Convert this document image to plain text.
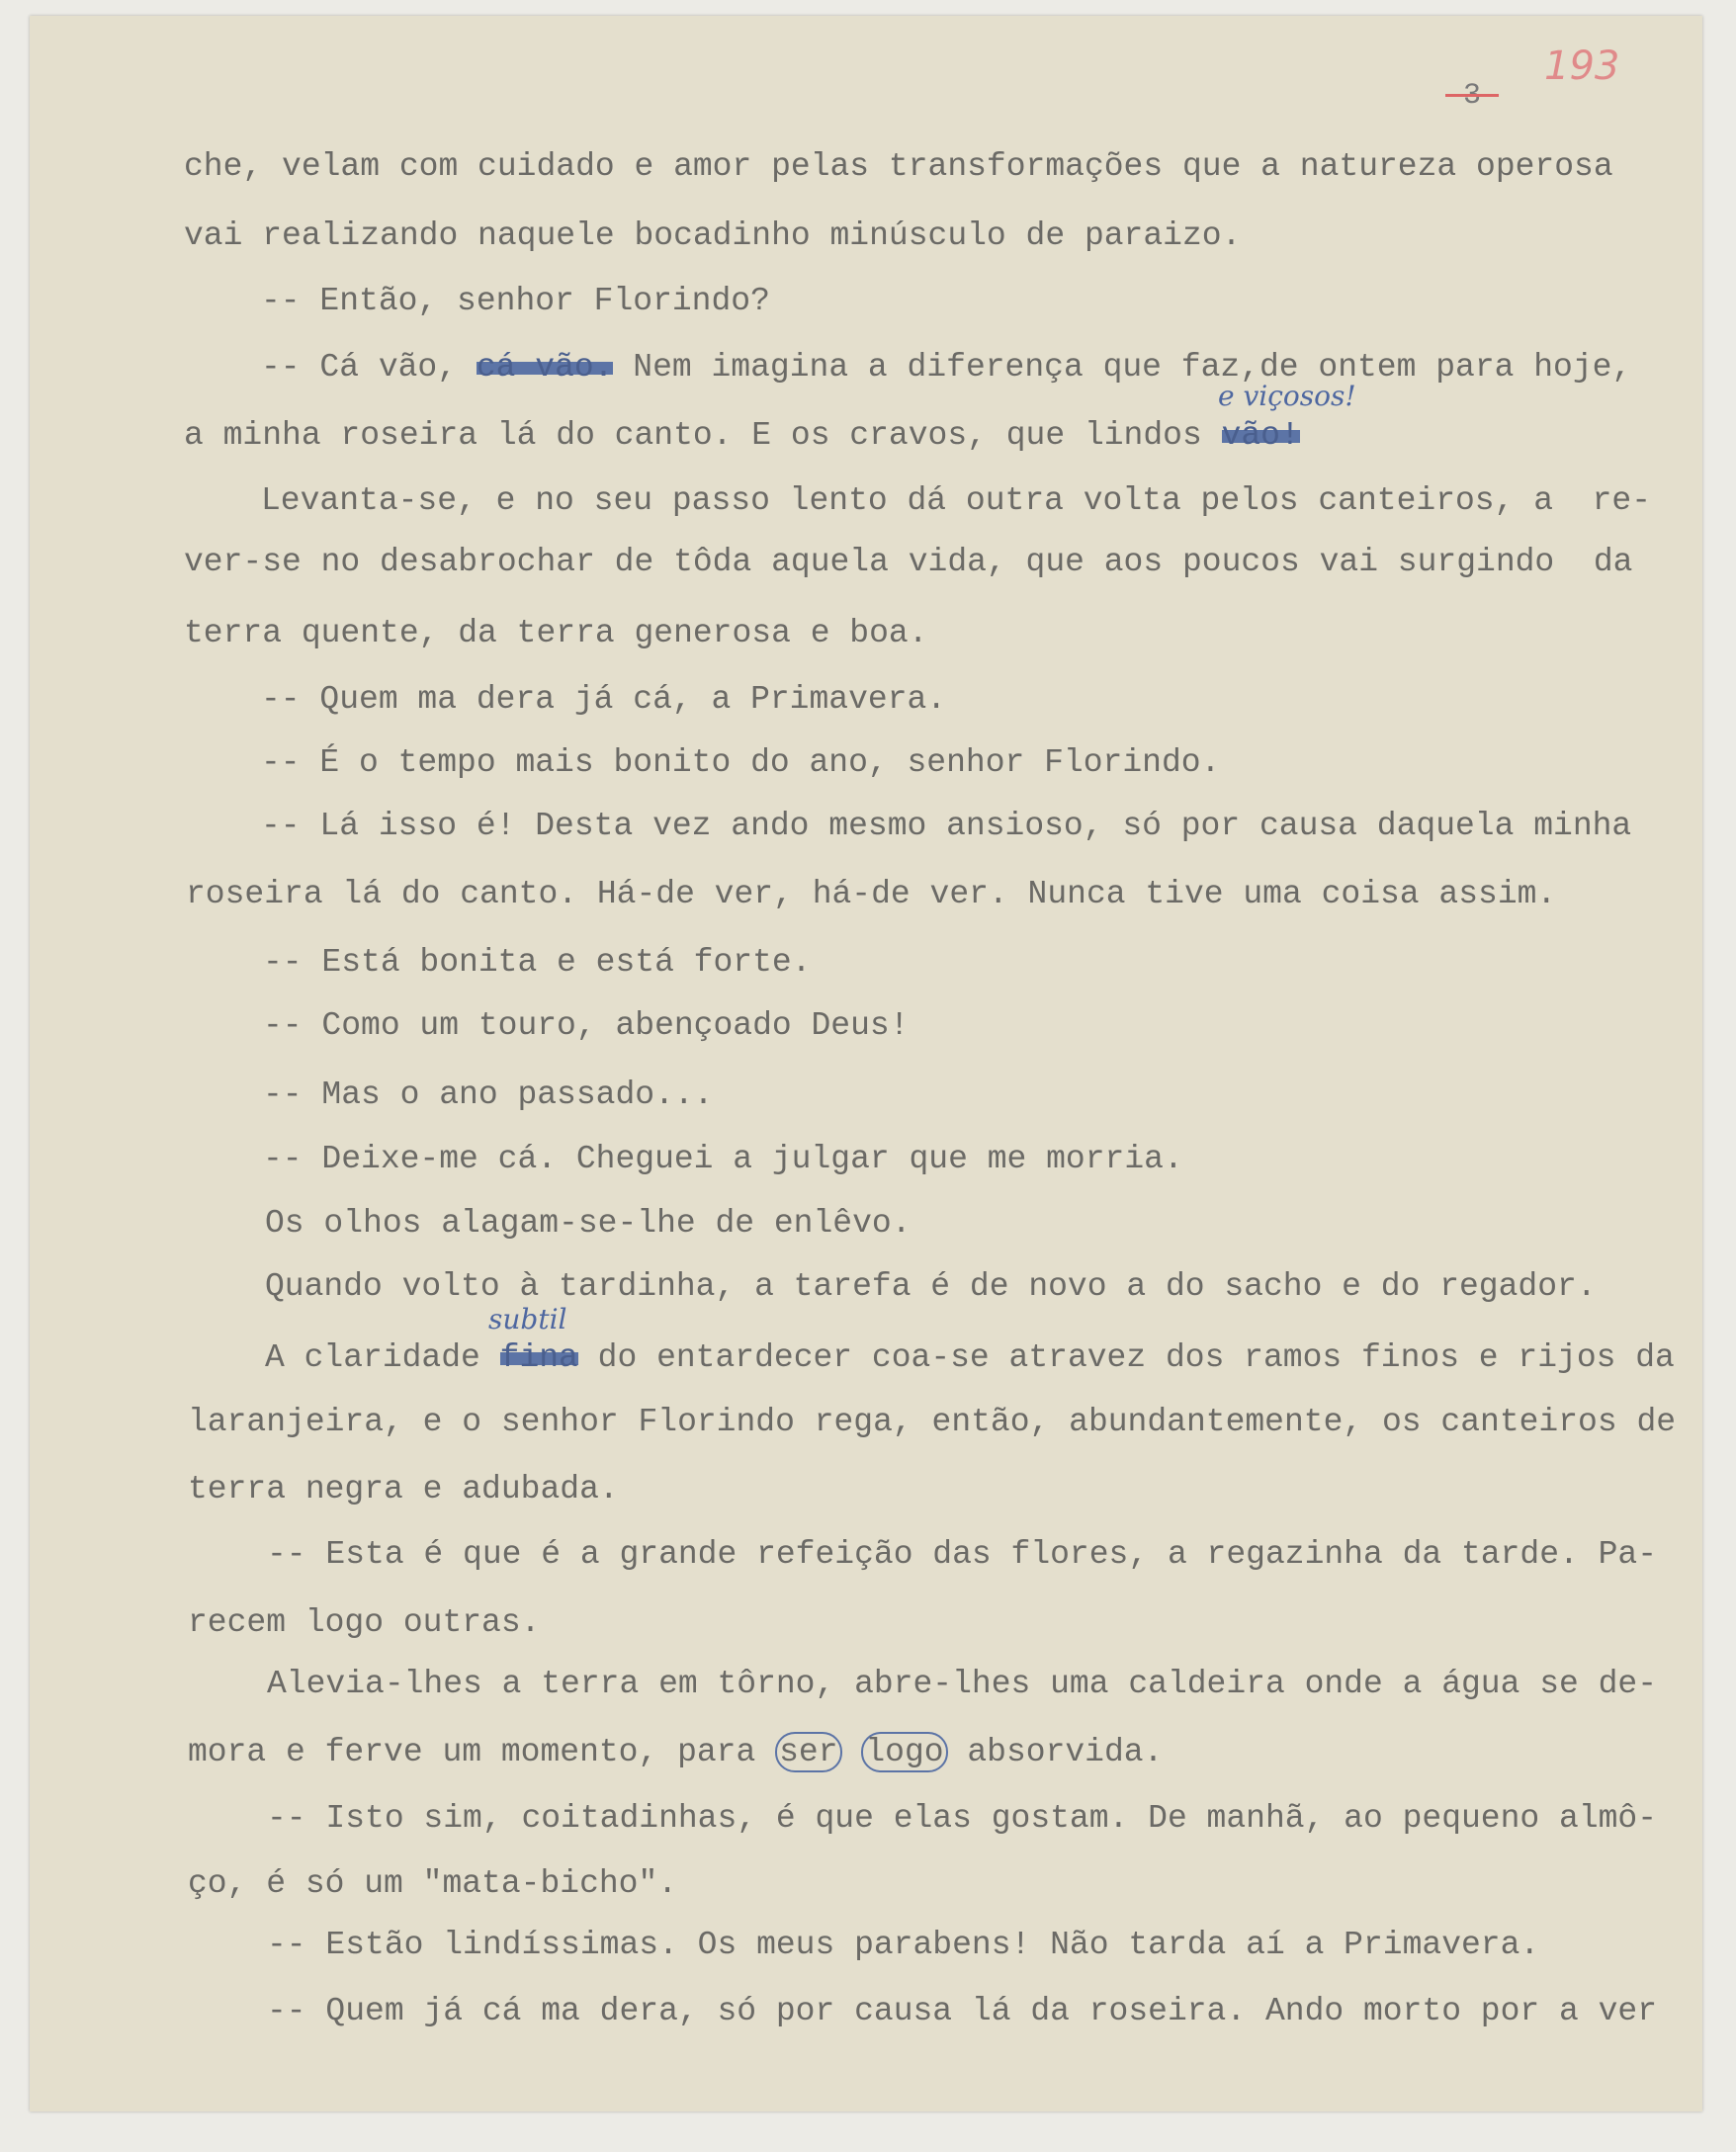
193
-3-
che, velam com cuidado e amor pelas transformações que a natureza operosa
vai realizando naquele bocadinho minúsculo de paraizo.
-- Então, senhor Florindo?
-- Cá vão, cá vão. Nem imagina a diferença que faz,de ontem para hoje,
e viçosos!
a minha roseira lá do canto. E os cravos, que lindos vão!
Levanta-se, e no seu passo lento dá outra volta pelos canteiros, a  re-
ver-se no desabrochar de tôda aquela vida, que aos poucos vai surgindo  da
terra quente, da terra generosa e boa.
-- Quem ma dera já cá, a Primavera.
-- É o tempo mais bonito do ano, senhor Florindo.
-- Lá isso é! Desta vez ando mesmo ansioso, só por causa daquela minha
roseira lá do canto. Há-de ver, há-de ver. Nunca tive uma coisa assim.
-- Está bonita e está forte.
-- Como um touro, abençoado Deus!
-- Mas o ano passado...
-- Deixe-me cá. Cheguei a julgar que me morria.
Os olhos alagam-se-lhe de enlêvo.
Quando volto à tardinha, a tarefa é de novo a do sacho e do regador.
subtil
A claridade fina do entardecer coa-se atravez dos ramos finos e rijos da
laranjeira, e o senhor Florindo rega, então, abundantemente, os canteiros de
terra negra e adubada.
-- Esta é que é a grande refeição das flores, a regazinha da tarde. Pa-
recem logo outras.
Alevia-lhes a terra em tôrno, abre-lhes uma caldeira onde a água se de-
mora e ferve um momento, para ser logo absorvida.
-- Isto sim, coitadinhas, é que elas gostam. De manhã, ao pequeno almô-
ço, é só um "mata-bicho".
-- Estão lindíssimas. Os meus parabens! Não tarda aí a Primavera.
-- Quem já cá ma dera, só por causa lá da roseira. Ando morto por a ver
